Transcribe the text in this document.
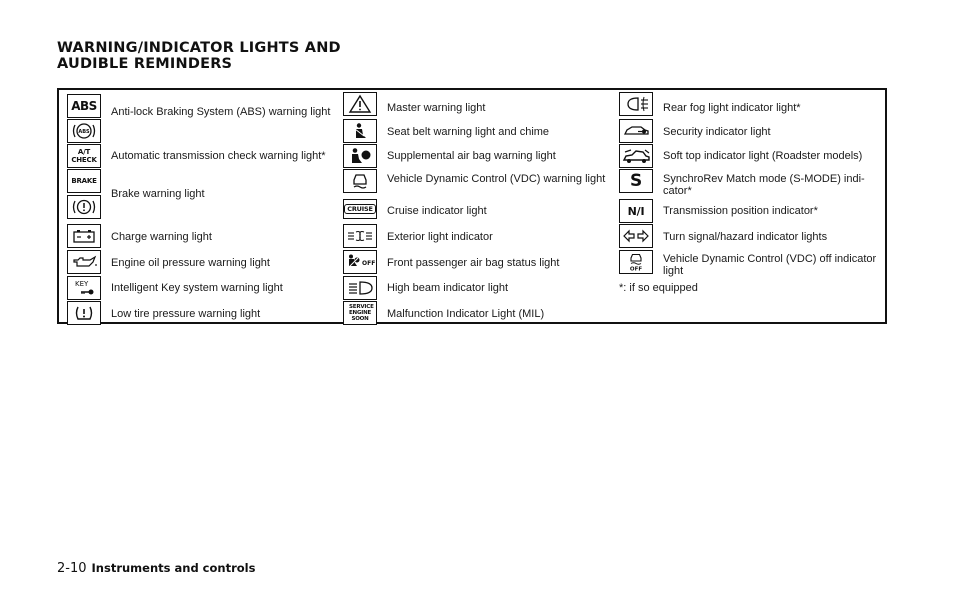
WARNING/INDICATOR LIGHTS AND
AUDIBLE REMINDERS
ABS Anti-lock Braking System (ABS) warning light
ABS
A/T CHECK Automatic transmission check warning light*
BRAKE
Brake warning light
Charge warning light
Engine oil pressure warning light
KEY Intelligent Key system warning light
Low tire pressure warning light
Master warning light
Seat belt warning light and chime
Supplemental air bag warning light
Vehicle Dynamic Control (VDC) warning light
CRUISE Cruise indicator light
Exterior light indicator
OFF Front passenger air bag status light
High beam indicator light
SERVICE ENGINE SOON Malfunction Indicator Light (MIL)
Rear fog light indicator light*
Security indicator light
Soft top indicator light (Roadster models)
S SynchroRev Match mode (S-MODE) indi-cator*
N/I Transmission position indicator*
Turn signal/hazard indicator lights
OFF
Vehicle Dynamic Control (VDC) off indicator light
*: if so equipped
2-10 Instruments and controls
